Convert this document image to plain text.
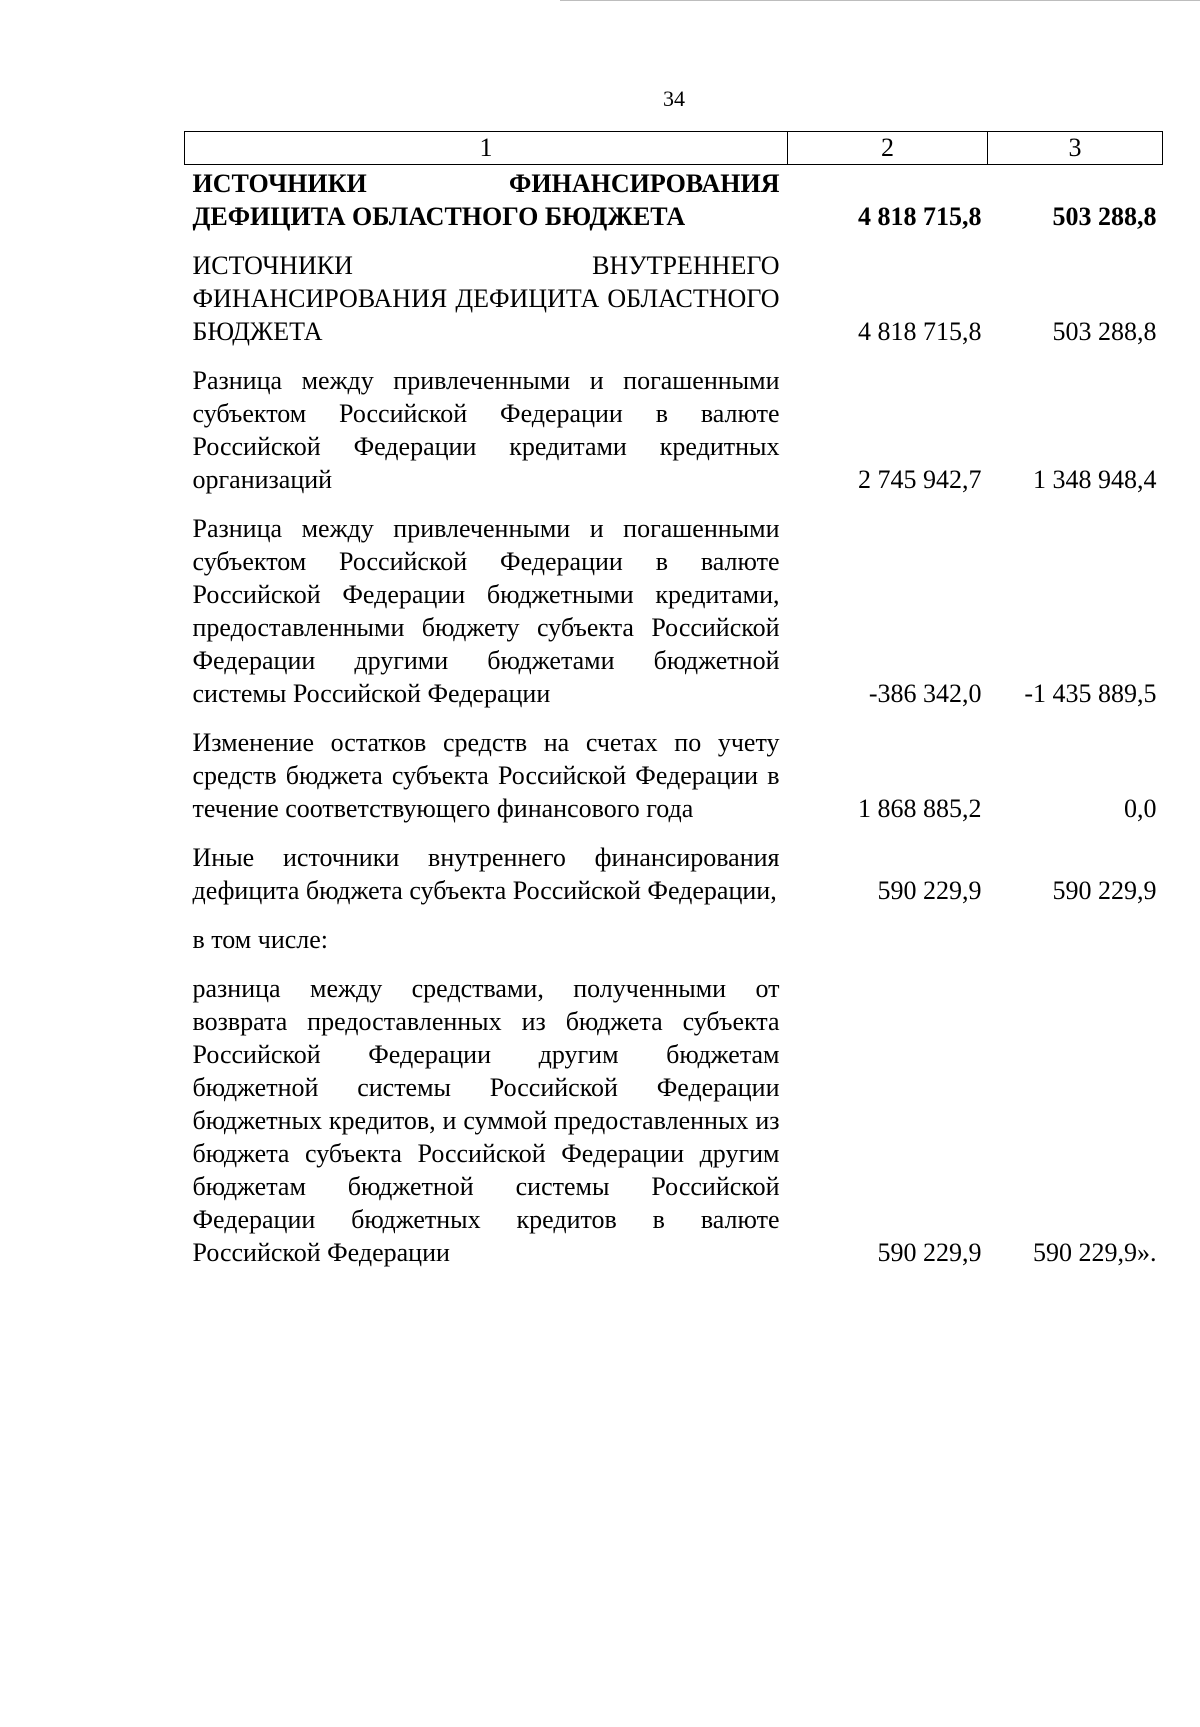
34
1	2	3
ИСТОЧНИКИ ФИНАНСИРОВАНИЯ ДЕФИЦИТА ОБЛАСТНОГО БЮДЖЕТА	4 818 715,8	503 288,8
ИСТОЧНИКИ ВНУТРЕННЕГО ФИНАНСИРОВАНИЯ ДЕФИЦИТА ОБЛАСТНОГО БЮДЖЕТА	4 818 715,8	503 288,8
Разница между привлеченными и погашенными субъектом Российской Федерации в валюте Российской Федерации кредитами кредитных организаций	2 745 942,7	1 348 948,4
Разница между привлеченными и погашенными субъектом Российской Федерации в валюте Российской Федерации бюджетными кредитами, предоставленными бюджету субъекта Российской Федерации другими бюджетами бюджетной системы Российской Федерации	-386 342,0	-1 435 889,5
Изменение остатков средств на счетах по учету средств бюджета субъекта Российской Федерации в течение соответствующего финансового года	1 868 885,2	0,0
Иные источники внутреннего финансирования дефицита бюджета субъекта Российской Федерации,	590 229,9	590 229,9
в том числе:		
разница между средствами, полученными от возврата предоставленных из бюджета субъекта Российской Федерации другим бюджетам бюджетной системы Российской Федерации бюджетных кредитов, и суммой предоставленных из бюджета субъекта Российской Федерации другим бюджетам бюджетной системы Российской Федерации бюджетных кредитов в валюте Российской Федерации	590 229,9	590 229,9».
